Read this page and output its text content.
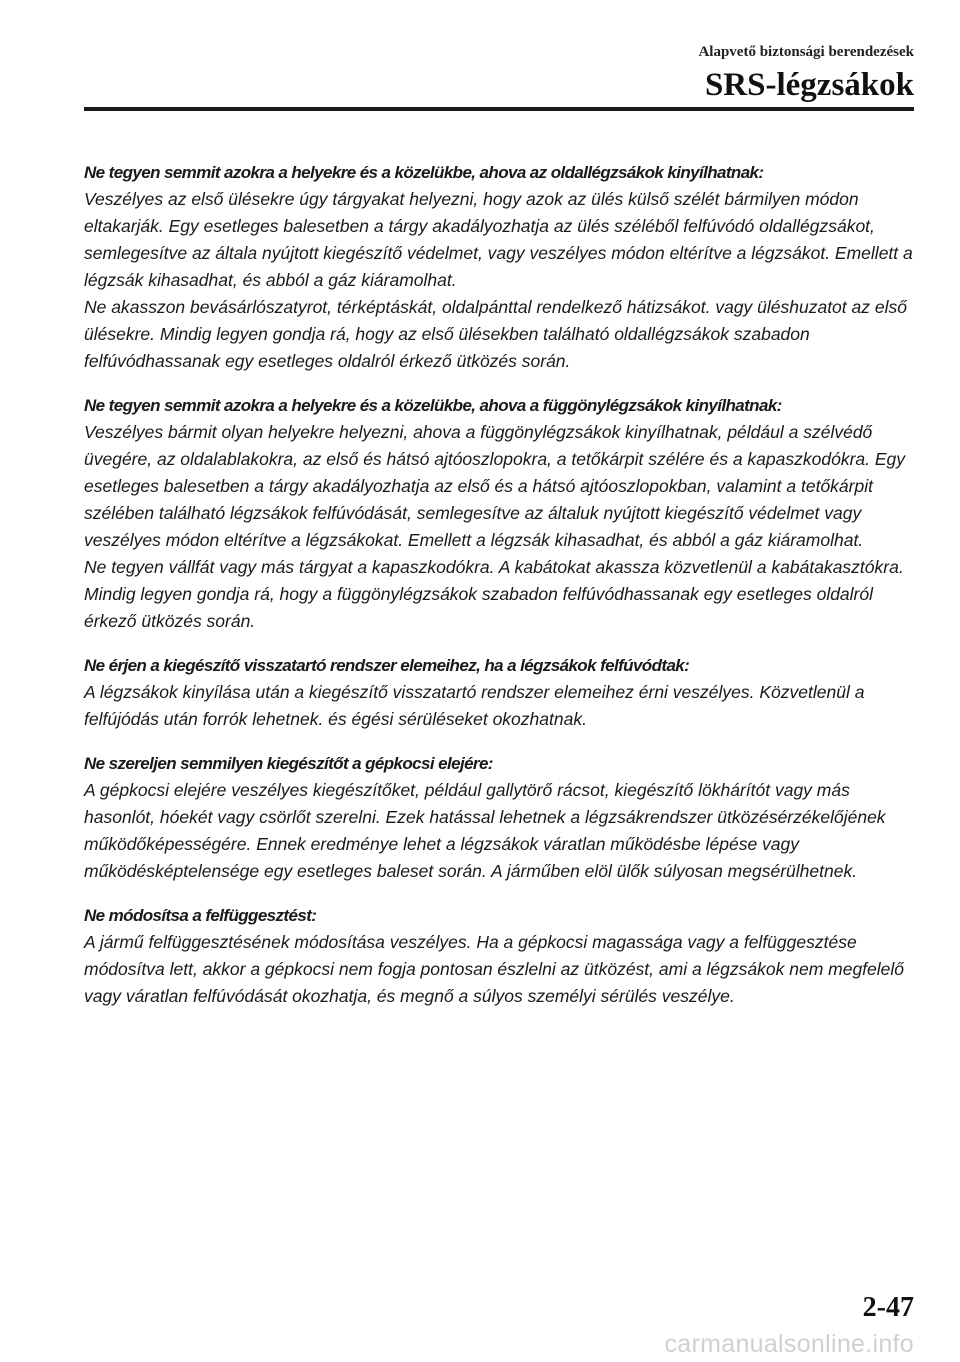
Alapvető biztonsági berendezések
SRS-légzsákok
Ne tegyen semmit azokra a helyekre és a közelükbe, ahova az oldallégzsákok kinyílhatnak:

Veszélyes az első ülésekre úgy tárgyakat helyezni, hogy azok az ülés külső szélét bármilyen módon eltakarják. Egy esetleges balesetben a tárgy akadályozhatja az ülés széléből felfúvódó oldallégzsákot, semlegesítve az általa nyújtott kiegészítő védelmet, vagy veszélyes módon eltérítve a légzsákot. Emellett a légzsák kihasadhat, és abból a gáz kiáramolhat.

Ne akasszon bevásárlószatyrot, térképtáskát, oldalpánttal rendelkező hátizsákot. vagy üléshuzatot az első ülésekre. Mindig legyen gondja rá, hogy az első ülésekben található oldallégzsákok szabadon felfúvódhassanak egy esetleges oldalról érkező ütközés során.

Ne tegyen semmit azokra a helyekre és a közelükbe, ahova a függönylégzsákok kinyílhatnak:

Veszélyes bármit olyan helyekre helyezni, ahova a függönylégzsákok kinyílhatnak, például a szélvédő üvegére, az oldalablakokra, az első és hátsó ajtóoszlopokra, a tetőkárpit szélére és a kapaszkodókra. Egy esetleges balesetben a tárgy akadályozhatja az első és a hátsó ajtóoszlopokban, valamint a tetőkárpit szélében található légzsákok felfúvódását, semlegesítve az általuk nyújtott kiegészítő védelmet vagy veszélyes módon eltérítve a légzsákokat. Emellett a légzsák kihasadhat, és abból a gáz kiáramolhat.

Ne tegyen vállfát vagy más tárgyat a kapaszkodókra. A kabátokat akassza közvetlenül a kabátakasztókra. Mindig legyen gondja rá, hogy a függönylégzsákok szabadon felfúvódhassanak egy esetleges oldalról érkező ütközés során.

Ne érjen a kiegészítő visszatartó rendszer elemeihez, ha a légzsákok felfúvódtak:

A légzsákok kinyílása után a kiegészítő visszatartó rendszer elemeihez érni veszélyes. Közvetlenül a felfújódás után forrók lehetnek. és égési sérüléseket okozhatnak.

Ne szereljen semmilyen kiegészítőt a gépkocsi elejére:

A gépkocsi elejére veszélyes kiegészítőket, például gallytörő rácsot, kiegészítő lökhárítót vagy más hasonlót, hóekét vagy csörlőt szerelni. Ezek hatással lehetnek a légzsákrendszer ütközésérzékelőjének működőképességére. Ennek eredménye lehet a légzsákok váratlan működésbe lépése vagy működésképtelensége egy esetleges baleset során. A járműben elöl ülők súlyosan megsérülhetnek.

Ne módosítsa a felfüggesztést:

A jármű felfüggesztésének módosítása veszélyes. Ha a gépkocsi magassága vagy a felfüggesztése módosítva lett, akkor a gépkocsi nem fogja pontosan észlelni az ütközést, ami a légzsákok nem megfelelő vagy váratlan felfúvódását okozhatja, és megnő a súlyos személyi sérülés veszélye.

2-47
carmanualsonline.info
